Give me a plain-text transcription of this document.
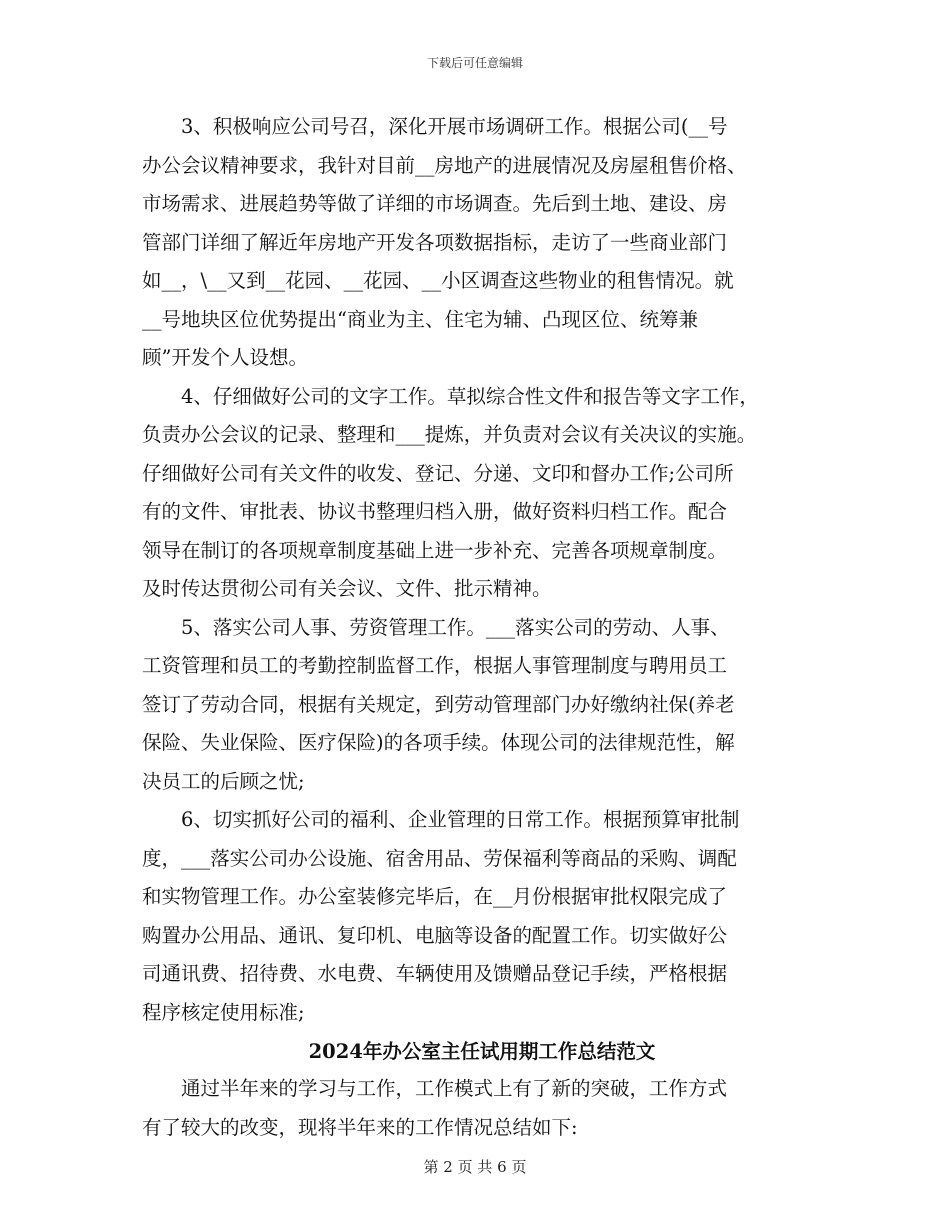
下载后可任意编辑
　　3、积极响应公司号召，深化开展市场调研工作。根据公司(__号
办公会议精神要求，我针对目前__房地产的进展情况及房屋租售价格、
市场需求、进展趋势等做了详细的市场调查。先后到土地、建设、房
管部门详细了解近年房地产开发各项数据指标，走访了一些商业部门
如__，\__又到__花园、__花园、__小区调查这些物业的租售情况。就
__号地块区位优势提出“商业为主、住宅为辅、凸现区位、统筹兼
顾”开发个人设想。
　　4、仔细做好公司的文字工作。草拟综合性文件和报告等文字工作，
负责办公会议的记录、整理和___提炼，并负责对会议有关决议的实施。
仔细做好公司有关文件的收发、登记、分递、文印和督办工作;公司所
有的文件、审批表、协议书整理归档入册，做好资料归档工作。配合
领导在制订的各项规章制度基础上进一步补充、完善各项规章制度。
及时传达贯彻公司有关会议、文件、批示精神。
　　5、落实公司人事、劳资管理工作。___落实公司的劳动、人事、
工资管理和员工的考勤控制监督工作，根据人事管理制度与聘用员工
签订了劳动合同，根据有关规定，到劳动管理部门办好缴纳社保(养老
保险、失业保险、医疗保险)的各项手续。体现公司的法律规范性，解
决员工的后顾之忧;
　　6、切实抓好公司的福利、企业管理的日常工作。根据预算审批制
度，___落实公司办公设施、宿舍用品、劳保福利等商品的采购、调配
和实物管理工作。办公室装修完毕后，在__月份根据审批权限完成了
购置办公用品、通讯、复印机、电脑等设备的配置工作。切实做好公
司通讯费、招待费、水电费、车辆使用及馈赠品登记手续，严格根据
程序核定使用标准;
2024年办公室主任试用期工作总结范文
　　通过半年来的学习与工作，工作模式上有了新的突破，工作方式
有了较大的改变，现将半年来的工作情况总结如下:
第 2 页 共 6 页
